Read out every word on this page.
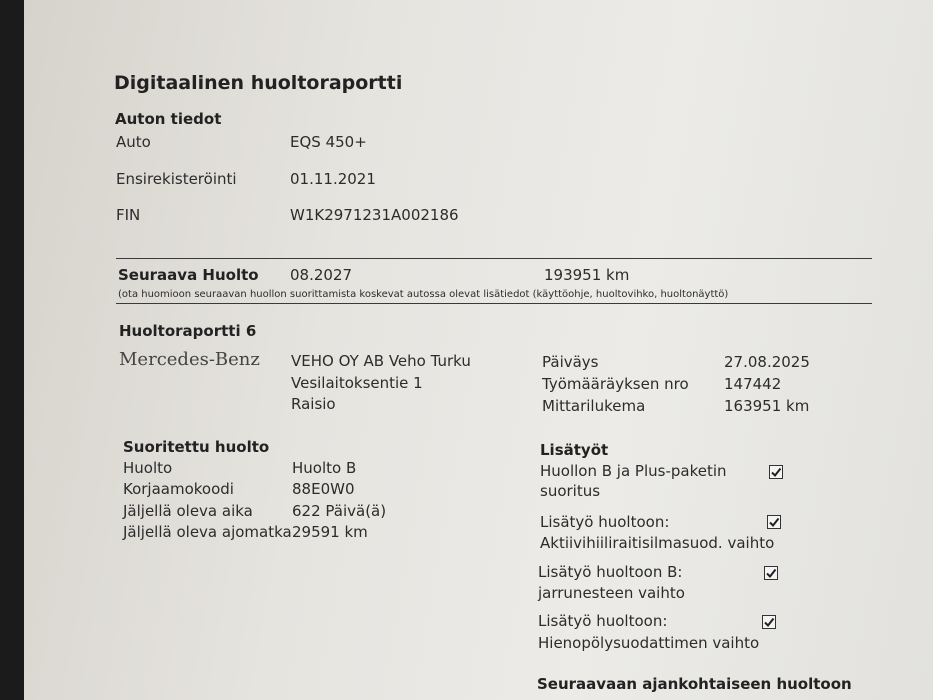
Digitaalinen huoltoraportti
Auton tiedot
Auto	EQS 450+
Ensirekisteröinti	01.11.2021
FIN	W1K2971231A002186
Seuraava Huolto 08.2027	193951 km
(ota huomioon seuraavan huollon suorittamista koskevat autossa olevat lisätiedot (käyttöohje, huoltovihko, huoltonäyttö)
Huoltoraportti 6
Mercedes-Benz VEHO OY AB Veho Turku
Vesilaitoksentie 1
Raisio
Päiväys	27.08.2025
Työmääräyksen nro 147442
Mittarilukema	163951 km
Suoritettu huolto
Huolto	Huolto B
Korjaamokoodi	88E0W0
Jäljellä oleva aika	622 Päivä(ä)
Jäljellä oleva ajomatka 29591 km
Lisätyöt
Huollon B ja Plus-paketin
suoritus
Lisätyö huoltoon:
Aktiivihiiliraitisilmasuod. vaihto
Lisätyö huoltoon B:
jarrunesteen vaihto
Lisätyö huoltoon:
Hienopölysuodattimen vaihto
Seuraavaan ajankohtaiseen huoltoon
